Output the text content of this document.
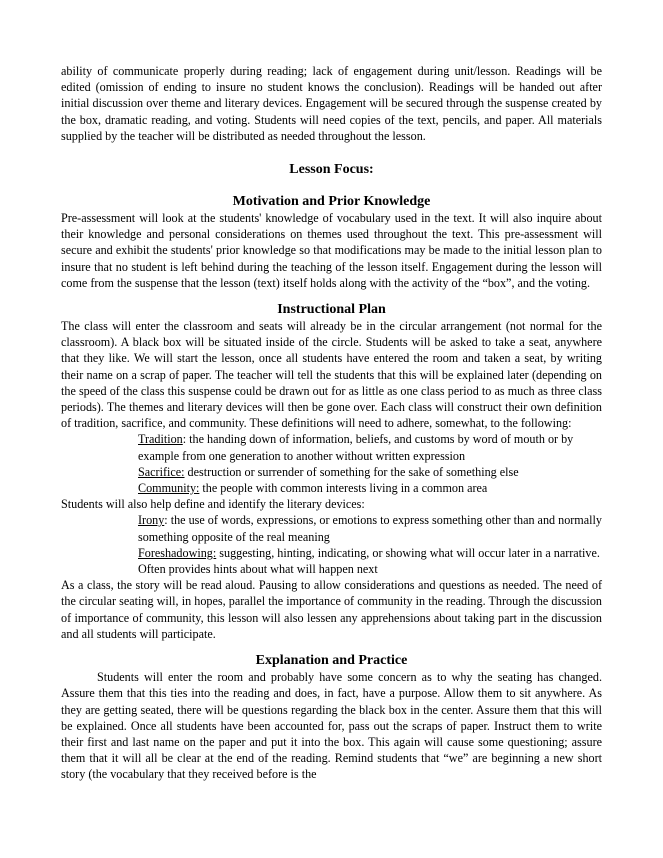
ability of communicate properly during reading; lack of engagement during unit/lesson. Readings will be edited (omission of ending to insure no student knows the conclusion). Readings will be handed out after initial discussion over theme and literary devices. Engagement will be secured through the suspense created by the box, dramatic reading, and voting. Students will need copies of the text, pencils, and paper. All materials supplied by the teacher will be distributed as needed throughout the lesson.

Lesson Focus:
Motivation and Prior Knowledge

Pre-assessment will look at the students' knowledge of vocabulary used in the text. It will also inquire about their knowledge and personal considerations on themes used throughout the text. This pre-assessment will secure and exhibit the students' prior knowledge so that modifications may be made to the initial lesson plan to insure that no student is left behind during the teaching of the lesson itself. Engagement during the lesson will come from the suspense that the lesson (text) itself holds along with the activity of the “box”, and the voting.

Instructional Plan

The class will enter the classroom and seats will already be in the circular arrangement (not normal for the classroom). A black box will be situated inside of the circle. Students will be asked to take a seat, anywhere that they like. We will start the lesson, once all students have entered the room and taken a seat, by writing their name on a scrap of paper. The teacher will tell the students that this will be explained later (depending on the speed of the class this suspense could be drawn out for as little as one class period to as much as three class periods). The themes and literary devices will then be gone over. Each class will construct their own definition of tradition, sacrifice, and community. These definitions will need to adhere, somewhat, to the following:

Tradition: the handing down of information, beliefs, and customs by word of mouth or by example from one generation to another without written expression

Sacrifice: destruction or surrender of something for the sake of something else

Community: the people with common interests living in a common area

Students will also help define and identify the literary devices:

Irony: the use of words, expressions, or emotions to express something other than and normally something opposite of the real meaning

Foreshadowing: suggesting, hinting, indicating, or showing what will occur later in a narrative. Often provides hints about what will happen next

As a class, the story will be read aloud. Pausing to allow considerations and questions as needed. The need of the circular seating will, in hopes, parallel the importance of community in the reading. Through the discussion of importance of community, this lesson will also lessen any apprehensions about taking part in the discussion and all students will participate.

Explanation and Practice

Students will enter the room and probably have some concern as to why the seating has changed. Assure them that this ties into the reading and does, in fact, have a purpose. Allow them to sit anywhere. As they are getting seated, there will be questions regarding the black box in the center. Assure them that this will be explained. Once all students have been accounted for, pass out the scraps of paper. Instruct them to write their first and last name on the paper and put it into the box. This again will cause some questioning; assure them that it will all be clear at the end of the reading. Remind students that “we” are beginning a new short story (the vocabulary that they received before is the
